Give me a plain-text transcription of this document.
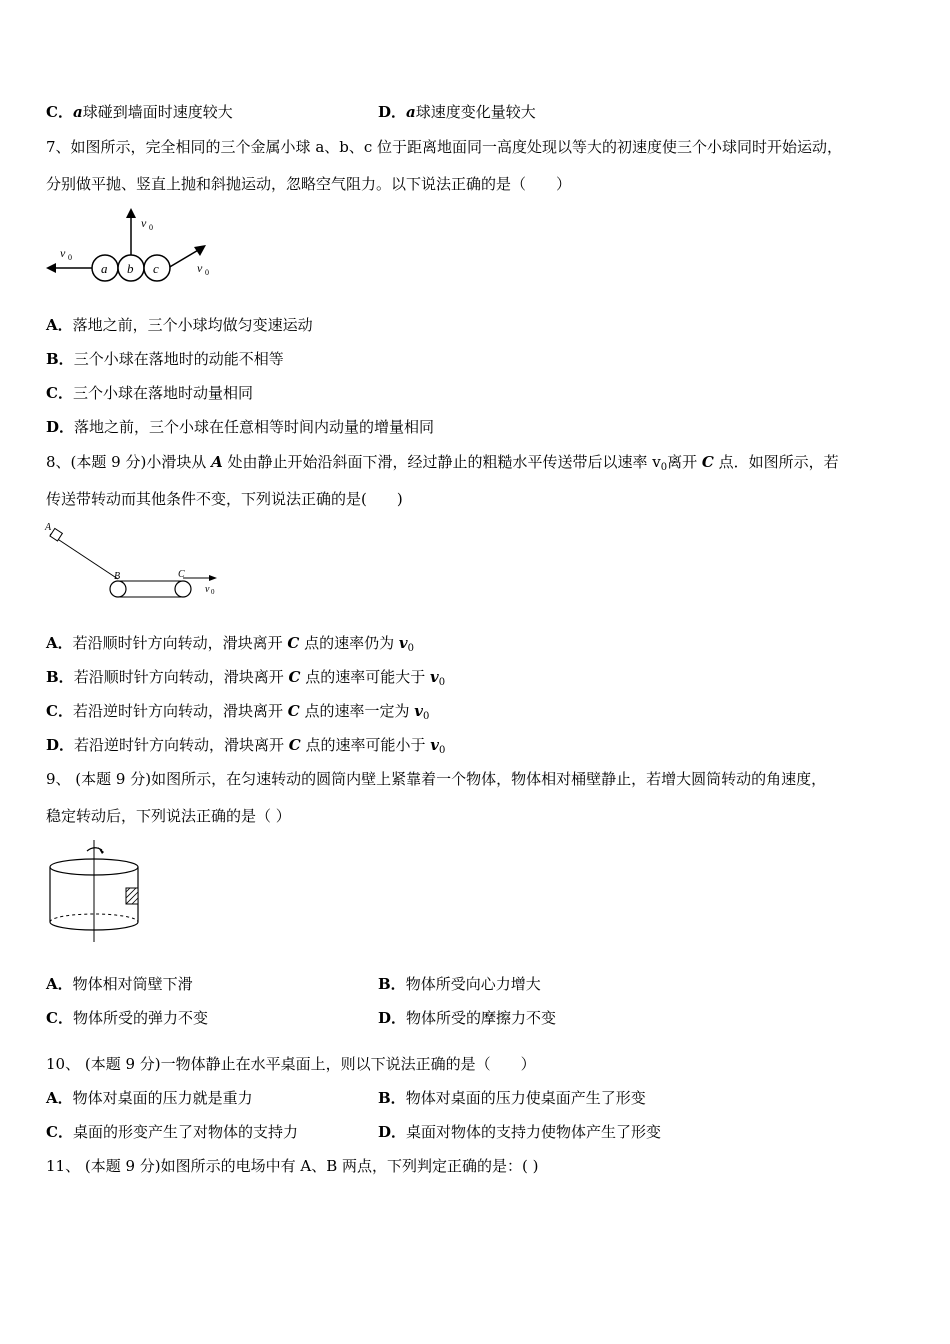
C．a球碰到墙面时速度较大	D．a球速度变化量较大
7、如图所示，完全相同的三个金属小球 a、b、c 位于距离地面同一高度处现以等大的初速度使三个小球同时开始运动，
分别做平抛、竖直上抛和斜抛运动，忽略空气阻力。以下说法正确的是（　　）
v 0
v 0
v 0
a b c
A．落地之前，三个小球均做匀变速运动
B．三个小球在落地时的动能不相等
C．三个小球在落地时动量相同
D．落地之前，三个小球在任意相等时间内动量的增量相同
8、(本题 9 分)小滑块从 A 处由静止开始沿斜面下滑，经过静止的粗糙水平传送带后以速率 $v_0$离开 C 点．如图所示，若
传送带转动而其他条件不变，下列说法正确的是(　　)
A
B	C
v 0
A．若沿顺时针方向转动，滑块离开 C 点的速率仍为 $v_0$
B．若沿顺时针方向转动，滑块离开 C 点的速率可能大于 $v_0$
C．若沿逆时针方向转动，滑块离开 C 点的速率一定为 $v_0$
D．若沿逆时针方向转动，滑块离开 C 点的速率可能小于 $v_0$
9、 (本题 9 分)如图所示，在匀速转动的圆筒内壁上紧靠着一个物体，物体相对桶壁静止，若增大圆筒转动的角速度，
稳定转动后，下列说法正确的是（ ）
A．物体相对筒壁下滑	B．物体所受向心力增大
C．物体所受的弹力不变	D．物体所受的摩擦力不变
10、 (本题 9 分)一物体静止在水平桌面上，则以下说法正确的是（　　）
A．物体对桌面的压力就是重力	B．物体对桌面的压力使桌面产生了形变
C．桌面的形变产生了对物体的支持力	D．桌面对物体的支持力使物体产生了形变
11、 (本题 9 分)如图所示的电场中有 A、B 两点，下列判定正确的是：( )
